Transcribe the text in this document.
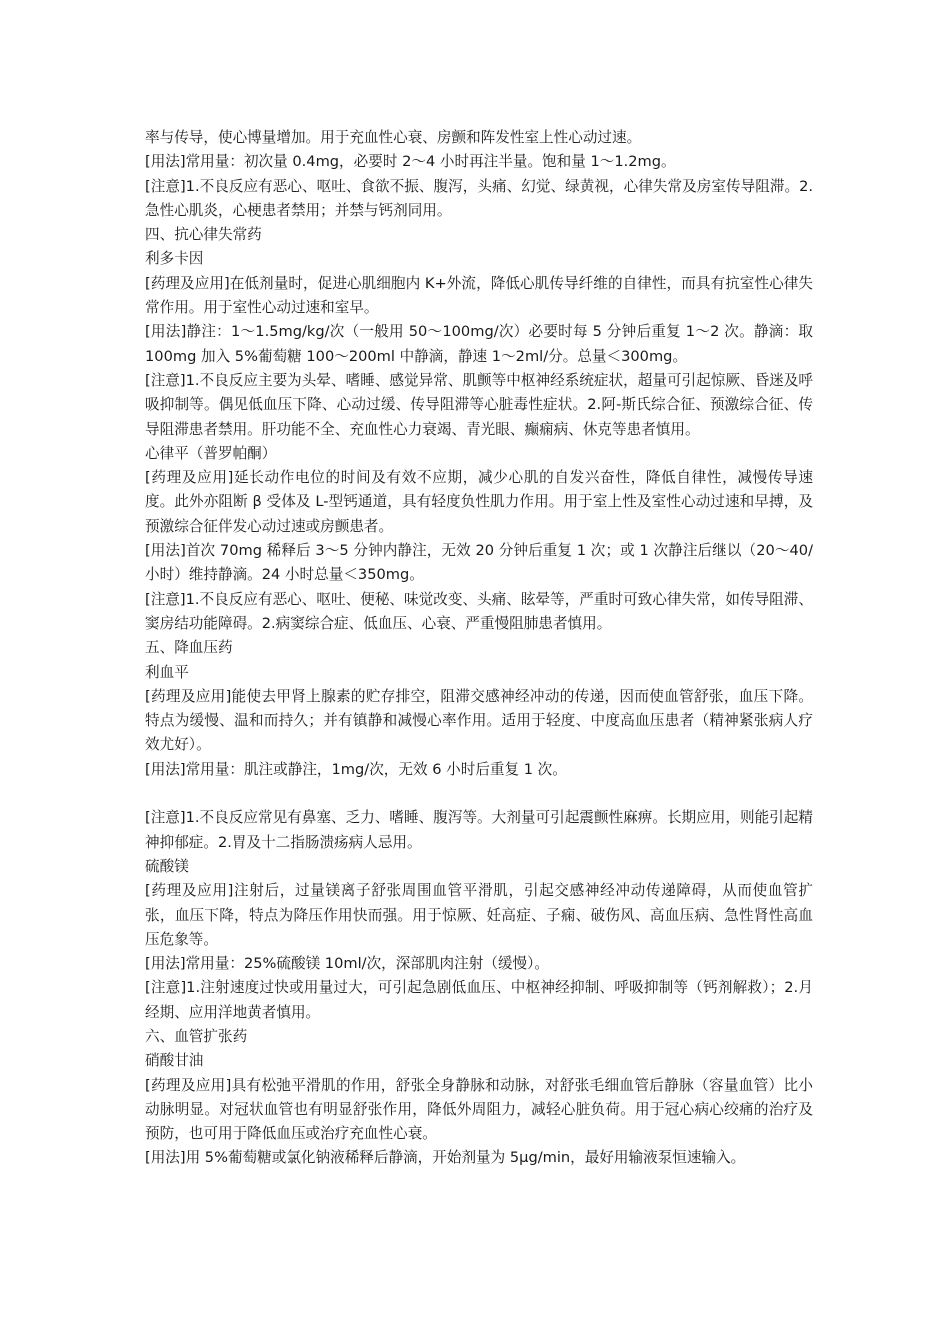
率与传导，使心博量增加。用于充血性心衰、房颤和阵发性室上性心动过速。

[用法]常用量：初次量 0.4mg，必要时 2～4 小时再注半量。饱和量 1～1.2mg。

[注意]1.不良反应有恶心、呕吐、食欲不振、腹泻，头痛、幻觉、绿黄视，心律失常及房室传导阻滞。2.急性心肌炎，心梗患者禁用；并禁与钙剂同用。

四、抗心律失常药

利多卡因

[药理及应用]在低剂量时，促进心肌细胞内 K+外流，降低心肌传导纤维的自律性，而具有抗室性心律失常作用。用于室性心动过速和室早。

[用法]静注：1～1.5mg/kg/次（一般用 50～100mg/次）必要时每 5 分钟后重复 1～2 次。静滴：取 100mg 加入 5%葡萄糖 100～200ml 中静滴，静速 1～2ml/分。总量＜300mg。

[注意]1.不良反应主要为头晕、嗜睡、感觉异常、肌颤等中枢神经系统症状，超量可引起惊厥、昏迷及呼吸抑制等。偶见低血压下降、心动过缓、传导阻滞等心脏毒性症状。2.阿-斯氏综合征、预激综合征、传导阻滞患者禁用。肝功能不全、充血性心力衰竭、青光眼、癫痫病、休克等患者慎用。

心律平（普罗帕酮）

[药理及应用]延长动作电位的时间及有效不应期，减少心肌的自发兴奋性，降低自律性，减慢传导速度。此外亦阻断 β 受体及 L-型钙通道，具有轻度负性肌力作用。用于室上性及室性心动过速和早搏，及预激综合征伴发心动过速或房颤患者。

[用法]首次 70mg 稀释后 3～5 分钟内静注，无效 20 分钟后重复 1 次；或 1 次静注后继以（20～40/小时）维持静滴。24 小时总量＜350mg。

[注意]1.不良反应有恶心、呕吐、便秘、味觉改变、头痛、眩晕等，严重时可致心律失常，如传导阻滞、窦房结功能障碍。2.病窦综合症、低血压、心衰、严重慢阻肺患者慎用。

五、降血压药

利血平

[药理及应用]能使去甲肾上腺素的贮存排空，阻滞交感神经冲动的传递，因而使血管舒张，血压下降。特点为缓慢、温和而持久；并有镇静和减慢心率作用。适用于轻度、中度高血压患者（精神紧张病人疗效尤好）。

[用法]常用量：肌注或静注，1mg/次，无效 6 小时后重复 1 次。

[注意]1.不良反应常见有鼻塞、乏力、嗜睡、腹泻等。大剂量可引起震颤性麻痹。长期应用，则能引起精神抑郁症。2.胃及十二指肠溃疡病人忌用。

硫酸镁

[药理及应用]注射后，过量镁离子舒张周围血管平滑肌，引起交感神经冲动传递障碍，从而使血管扩张，血压下降，特点为降压作用快而强。用于惊厥、妊高症、子痫、破伤风、高血压病、急性肾性高血压危象等。

[用法]常用量：25%硫酸镁 10ml/次，深部肌肉注射（缓慢）。

[注意]1.注射速度过快或用量过大，可引起急剧低血压、中枢神经抑制、呼吸抑制等（钙剂解救）；2.月经期、应用洋地黄者慎用。

六、血管扩张药

硝酸甘油

[药理及应用]具有松弛平滑肌的作用，舒张全身静脉和动脉，对舒张毛细血管后静脉（容量血管）比小动脉明显。对冠状血管也有明显舒张作用，降低外周阻力，减轻心脏负荷。用于冠心病心绞痛的治疗及预防，也可用于降低血压或治疗充血性心衰。

[用法]用 5%葡萄糖或氯化钠液稀释后静滴，开始剂量为 5μg/min，最好用输液泵恒速输入。
